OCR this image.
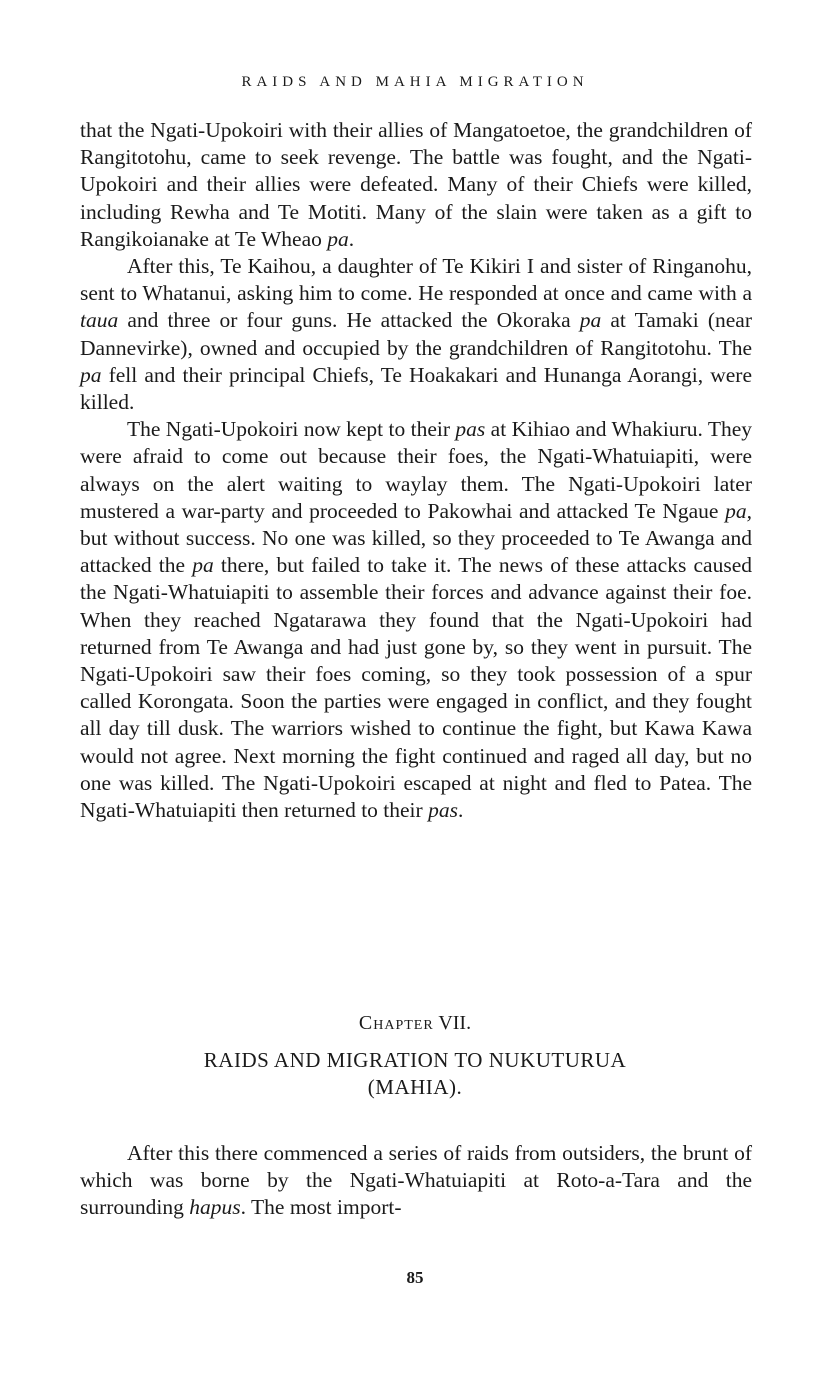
RAIDS AND MAHIA MIGRATION

that the Ngati-Upokoiri with their allies of Mangatoetoe, the grandchildren of Rangitotohu, came to seek revenge. The battle was fought, and the Ngati-Upokoiri and their allies were defeated. Many of their Chiefs were killed, including Rewha and Te Motiti. Many of the slain were taken as a gift to Rangikoianake at Te Wheao pa.

After this, Te Kaihou, a daughter of Te Kikiri I and sister of Ringanohu, sent to Whatanui, asking him to come. He responded at once and came with a taua and three or four guns. He attacked the Okoraka pa at Tamaki (near Dannevirke), owned and occupied by the grandchildren of Rangitotohu. The pa fell and their principal Chiefs, Te Hoakakari and Hunanga Aorangi, were killed.

The Ngati-Upokoiri now kept to their pas at Kihiao and Whakiuru. They were afraid to come out because their foes, the Ngati-Whatuiapiti, were always on the alert waiting to waylay them. The Ngati-Upokoiri later mustered a war-party and proceeded to Pakowhai and attacked Te Ngaue pa, but without success. No one was killed, so they proceeded to Te Awanga and attacked the pa there, but failed to take it. The news of these attacks caused the Ngati-Whatuiapiti to assemble their forces and advance against their foe. When they reached Ngatarawa they found that the Ngati-Upokoiri had returned from Te Awanga and had just gone by, so they went in pursuit. The Ngati-Upokoiri saw their foes coming, so they took possession of a spur called Korongata. Soon the parties were engaged in conflict, and they fought all day till dusk. The warriors wished to continue the fight, but Kawa Kawa would not agree. Next morning the fight continued and raged all day, but no one was killed. The Ngati-Upokoiri escaped at night and fled to Patea. The Ngati-Whatuiapiti then returned to their pas.

Chapter VII.
RAIDS AND MIGRATION TO NUKUTURUA
(MAHIA).

After this there commenced a series of raids from outsiders, the brunt of which was borne by the Ngati-Whatuiapiti at Roto-a-Tara and the surrounding hapus. The most import-

85
